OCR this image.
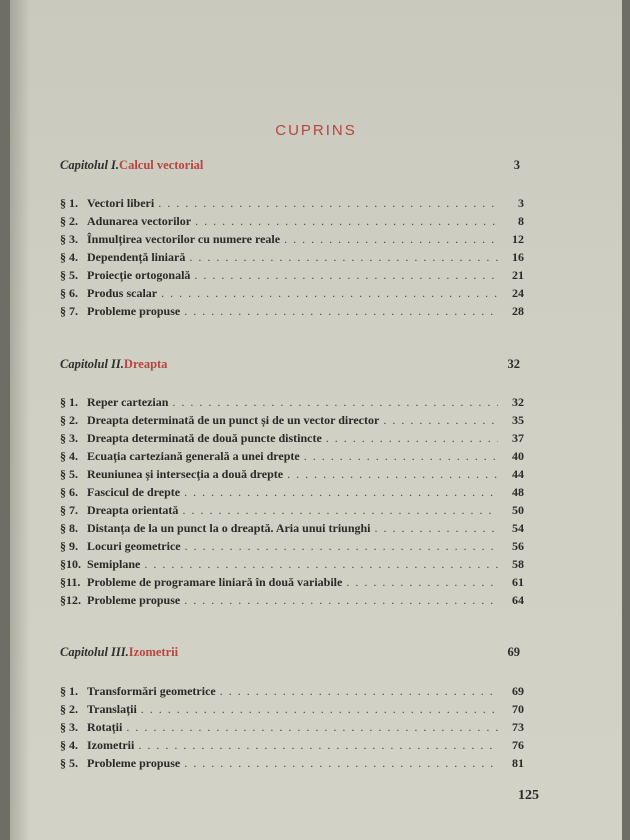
CUPRINS
Capitolul I. Calcul vectorial	3
§ 1. Vectori liberi . . .	3
§ 2. Adunarea vectorilor . . .	8
§ 3. Înmulțirea vectorilor cu numere reale . . .	12
§ 4. Dependență liniară . . .	16
§ 5. Proiecție ortogonală . . .	21
§ 6. Produs scalar . . .	24
§ 7. Probleme propuse . . .	28
Capitolul II. Dreapta	32
§ 1. Reper cartezian . . .	32
§ 2. Dreapta determinată de un punct și de un vector director . . .	35
§ 3. Dreapta determinată de două puncte distincte . . .	37
§ 4. Ecuația carteziană generală a unei drepte . . .	40
§ 5. Reuniunea și intersecția a două drepte . . .	44
§ 6. Fascicul de drepte . . .	48
§ 7. Dreapta orientată . . .	50
§ 8. Distanța de la un punct la o dreaptă. Aria unui triunghi . . .	54
§ 9. Locuri geometrice . . .	56
§10. Semiplane . . .	58
§11. Probleme de programare liniară în două variabile . . .	61
§12. Probleme propuse . . .	64
Capitolul III. Izometrii	69
§ 1. Transformări geometrice . . .	69
§ 2. Translații . . .	70
§ 3. Rotații . . .	73
§ 4. Izometrii . . .	76
§ 5. Probleme propuse . . .	81
125
